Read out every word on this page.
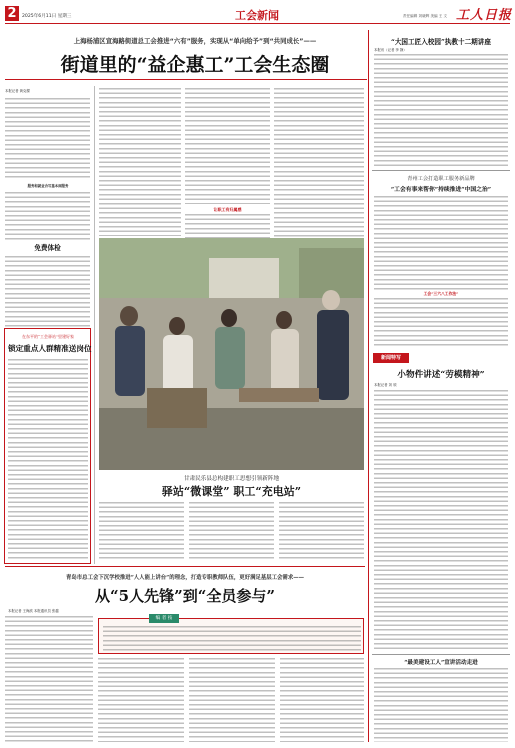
2	2025年6月11日 星期三	工会新闻	责任编辑 刘晓辉 美编 王 文 工人日报
上海杨浦区宣海路街道总工会推进“六有”服务，实现从“单向给予”到“共同成长”——
街道里的“益企惠工”工会生态圈
本报记者 黄克樑
服务和就业合写基本面服务
免费体检
在东平的“工会驿站”里建好家
锁定重点人群精准送岗位
让职工有归属感
甘肃民乐县总构建职工思想引领新阵地
驿站“微课堂” 职工“充电站”
“大国工匠入校园”执教十二期讲座
本报讯（记者 李 静）
青州工会打造职工服务新品牌
“工会有事来帮你”持续推进“中国之治”
工会“三六八工作法”
新闻特写
小物件讲述“劳模精神”
本报记者 刘 颂
“最美建设工人”宣讲活动走进
青岛市总工会下沉学校推进“人人能上讲台”的理念，打造专职教师队伍，更好满足基层工会需求——
从“5人先锋”到“全员参与”
本报记者 王海滨 本报通讯员 张越
编 者 按
